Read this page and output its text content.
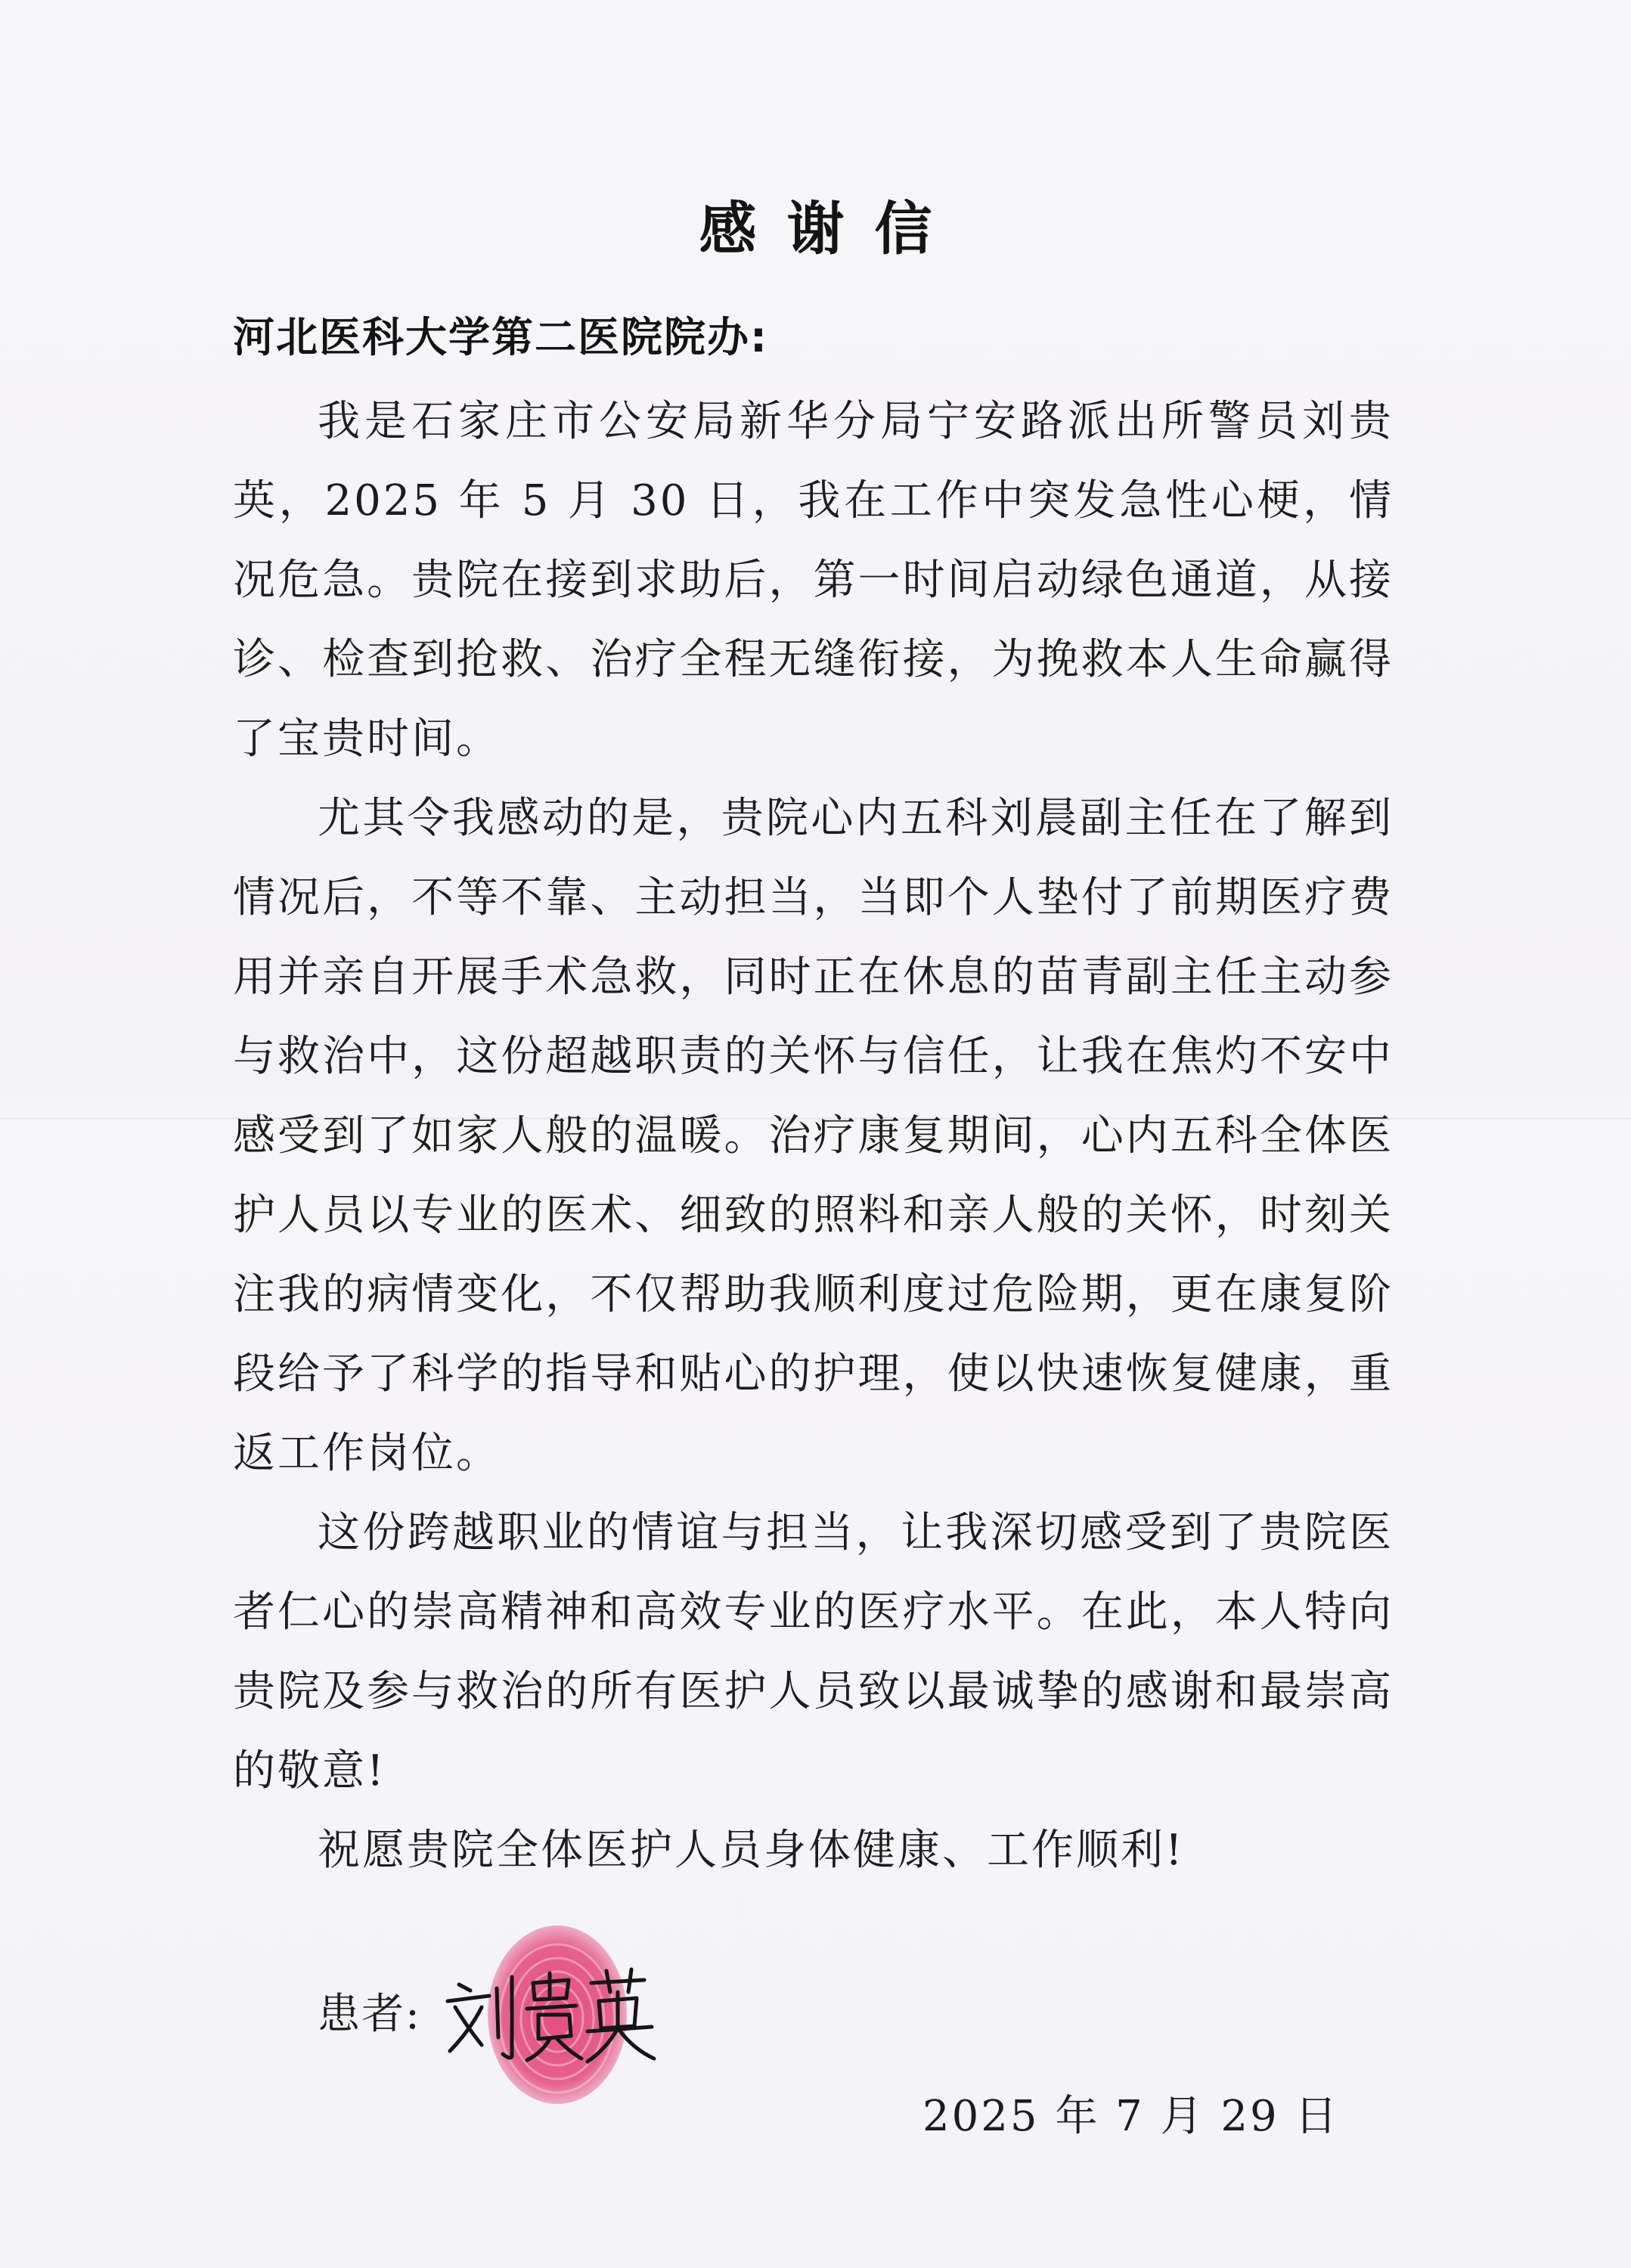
感谢信
河北医科大学第二医院院办:

我是石家庄市公安局新华分局宁安路派出所警员刘贵英，2025 年 5 月 30 日，我在工作中突发急性心梗，情况危急。贵院在接到求助后，第一时间启动绿色通道，从接诊、检查到抢救、治疗全程无缝衔接，为挽救本人生命赢得了宝贵时间。

尤其令我感动的是，贵院心内五科刘晨副主任在了解到情况后，不等不靠、主动担当，当即个人垫付了前期医疗费用并亲自开展手术急救，同时正在休息的苗青副主任主动参与救治中，这份超越职责的关怀与信任，让我在焦灼不安中感受到了如家人般的温暖。治疗康复期间，心内五科全体医护人员以专业的医术、细致的照料和亲人般的关怀，时刻关注我的病情变化，不仅帮助我顺利度过危险期，更在康复阶段给予了科学的指导和贴心的护理，使以快速恢复健康，重返工作岗位。

这份跨越职业的情谊与担当，让我深切感受到了贵院医者仁心的崇高精神和高效专业的医疗水平。在此，本人特向贵院及参与救治的所有医护人员致以最诚挚的感谢和最崇高的敬意!

祝愿贵院全体医护人员身体健康、工作顺利!

患者:
2025 年 7 月 29 日
